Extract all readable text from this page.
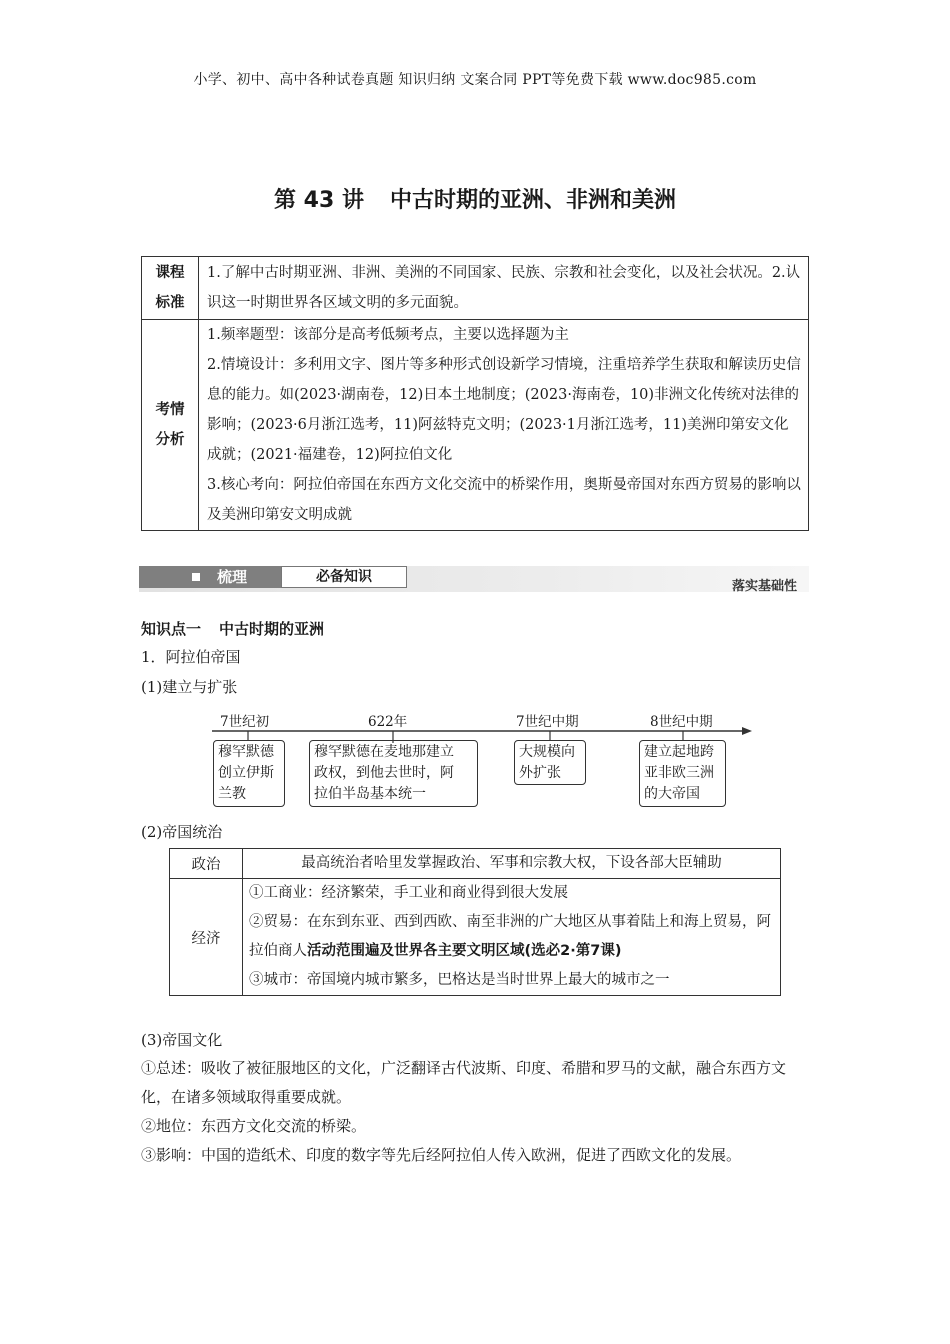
小学、初中、高中各种试卷真题 知识归纳 文案合同 PPT等免费下载 www.doc985.com
第 43 讲 中古时期的亚洲、非洲和美洲
课程标准	1.了解中古时期亚洲、非洲、美洲的不同国家、民族、宗教和社会变化，以及社会状况。2.认识这一时期世界各区域文明的多元面貌。

考情分析	1.频率题型：该部分是高考低频考点，主要以选择题为主

2.情境设计：多利用文字、图片等多种形式创设新学习情境，注重培养学生获取和解读历史信息的能力。如(2023·湖南卷，12)日本土地制度；(2023·海南卷，10)非洲文化传统对法律的影响；(2023·6月浙江选考，11)阿兹特克文明；(2023·1月浙江选考，11)美洲印第安文化成就；(2021·福建卷，12)阿拉伯文化

3.核心考向：阿拉伯帝国在东西方文化交流中的桥梁作用，奥斯曼帝国对东西方贸易的影响以及美洲印第安文明成就

梳理	必备知识
落实基础性
知识点一 中古时期的亚洲
1．阿拉伯帝国
(1)建立与扩张
7世纪初	622年	7世纪中期	8世纪中期
穆罕默德
创立伊斯
兰教
穆罕默德在麦地那建立
政权，到他去世时，阿
拉伯半岛基本统一
大规模向
外扩张
建立起地跨
亚非欧三洲
的大帝国
(2)帝国统治
政治	最高统治者哈里发掌握政治、军事和宗教大权，下设各部大臣辅助
经济	①工商业：经济繁荣，手工业和商业得到很大发展

②贸易：在东到东亚、西到西欧、南至非洲的广大地区从事着陆上和海上贸易，阿拉伯商人活动范围遍及世界各主要文明区域(选必2·第7课)

③城市：帝国境内城市繁多，巴格达是当时世界上最大的城市之一

(3)帝国文化

①总述：吸收了被征服地区的文化，广泛翻译古代波斯、印度、希腊和罗马的文献，融合东西方文化，在诸多领域取得重要成就。

②地位：东西方文化交流的桥梁。

③影响：中国的造纸术、印度的数字等先后经阿拉伯人传入欧洲，促进了西欧文化的发展。
